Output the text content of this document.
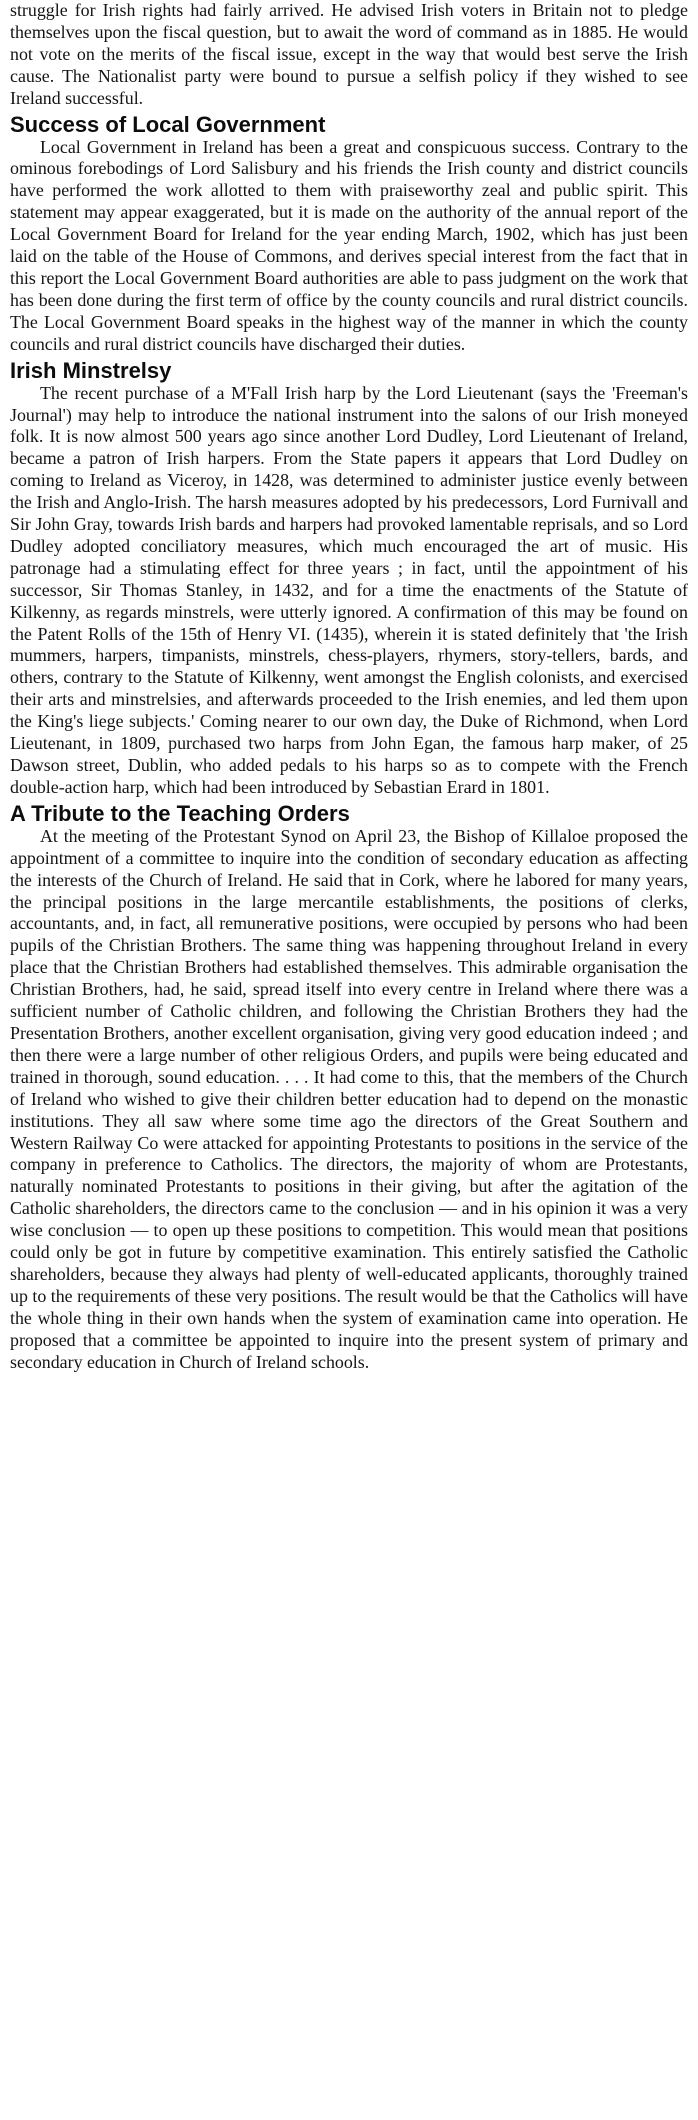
struggle for Irish rights had fairly arrived. He advised Irish voters in Britain not to pledge themselves upon the fiscal question, but to await the word of command as in 1885. He would not vote on the merits of the fiscal issue, except in the way that would best serve the Irish cause. The Nationalist party were bound to pursue a selfish policy if they wished to see Ireland successful.

Success of Local Government

Local Government in Ireland has been a great and conspicuous success. Contrary to the ominous forebodings of Lord Salisbury and his friends the Irish county and district councils have performed the work allotted to them with praiseworthy zeal and public spirit. This statement may appear exaggerated, but it is made on the authority of the annual report of the Local Government Board for Ireland for the year ending March, 1902, which has just been laid on the table of the House of Commons, and derives special interest from the fact that in this report the Local Government Board authorities are able to pass judgment on the work that has been done during the first term of office by the county councils and rural district councils. The Local Government Board speaks in the highest way of the manner in which the county councils and rural district councils have discharged their duties.

Irish Minstrelsy

The recent purchase of a M'Fall Irish harp by the Lord Lieutenant (says the 'Freeman's Journal') may help to introduce the national instrument into the salons of our Irish moneyed folk. It is now almost 500 years ago since another Lord Dudley, Lord Lieutenant of Ireland, became a patron of Irish harpers. From the State papers it appears that Lord Dudley on coming to Ireland as Viceroy, in 1428, was determined to administer justice evenly between the Irish and Anglo-Irish. The harsh measures adopted by his predecessors, Lord Furnivall and Sir John Gray, towards Irish bards and harpers had provoked lamentable reprisals, and so Lord Dudley adopted conciliatory measures, which much encouraged the art of music. His patronage had a stimulating effect for three years ; in fact, until the appointment of his successor, Sir Thomas Stanley, in 1432, and for a time the enactments of the Statute of Kilkenny, as regards minstrels, were utterly ignored. A confirmation of this may be found on the Patent Rolls of the 15th of Henry VI. (1435), wherein it is stated definitely that 'the Irish mummers, harpers, timpanists, minstrels, chess-players, rhymers, story-tellers, bards, and others, contrary to the Statute of Kilkenny, went amongst the English colonists, and exercised their arts and minstrelsies, and afterwards proceeded to the Irish enemies, and led them upon the King's liege subjects.' Coming nearer to our own day, the Duke of Richmond, when Lord Lieutenant, in 1809, purchased two harps from John Egan, the famous harp maker, of 25 Dawson street, Dublin, who added pedals to his harps so as to compete with the French double-action harp, which had been introduced by Sebastian Erard in 1801.

A Tribute to the Teaching Orders

At the meeting of the Protestant Synod on April 23, the Bishop of Killaloe proposed the appointment of a committee to inquire into the condition of secondary education as affecting the interests of the Church of Ireland. He said that in Cork, where he labored for many years, the principal positions in the large mercantile establishments, the positions of clerks, accountants, and, in fact, all remunerative positions, were occupied by persons who had been pupils of the Christian Brothers. The same thing was happening throughout Ireland in every place that the Christian Brothers had established themselves. This admirable organisation the Christian Brothers, had, he said, spread itself into every centre in Ireland where there was a sufficient number of Catholic children, and following the Christian Brothers they had the Presentation Brothers, another excellent organisation, giving very good education indeed ; and then there were a large number of other religious Orders, and pupils were being educated and trained in thorough, sound education. . . . It had come to this, that the members of the Church of Ireland who wished to give their children better education had to depend on the monastic institutions. They all saw where some time ago the directors of the Great Southern and Western Railway Co were attacked for appointing Protestants to positions in the service of the company in preference to Catholics. The directors, the majority of whom are Protestants, naturally nominated Protestants to positions in their giving, but after the agitation of the Catholic shareholders, the directors came to the conclusion — and in his opinion it was a very wise conclusion — to open up these positions to competition. This would mean that positions could only be got in future by competitive examination. This entirely satisfied the Catholic shareholders, because they always had plenty of well-educated applicants, thoroughly trained up to the requirements of these very positions. The result would be that the Catholics will have the whole thing in their own hands when the system of examination came into operation. He proposed that a committee be appointed to inquire into the present system of primary and secondary education in Church of Ireland schools.
